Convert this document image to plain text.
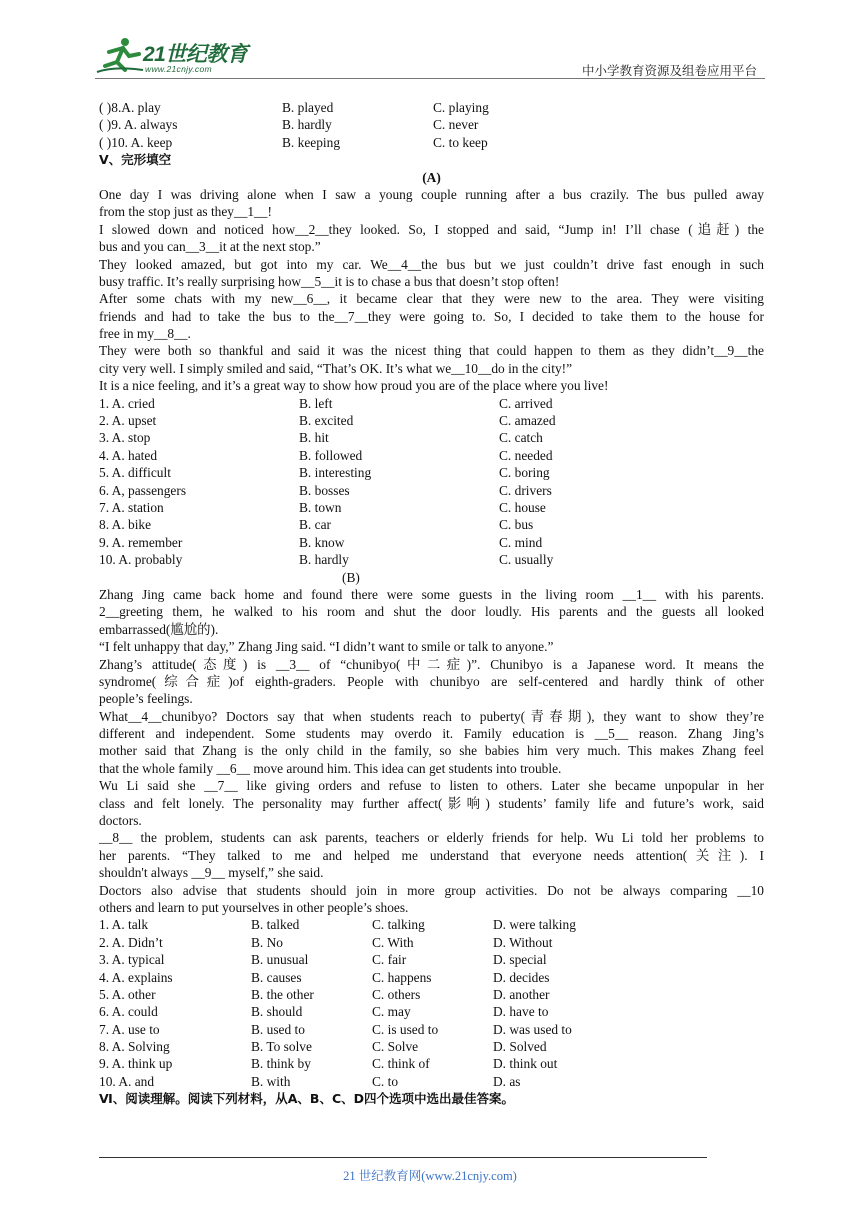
21世纪教育
www.21cnjy.com	中小学教育资源及组卷应用平台
( )8.A. play	B. played	C. playing
( )9. A. always	B. hardly	C. never
( )10. A. keep	B. keeping	C. to keep
Ⅴ、完形填空
(A)
One day I was driving alone when I saw a young couple running after a bus crazily. The bus pulled away
from the stop just as they__1__!
I slowed down and noticed how__2__they looked. So, I stopped and said, “Jump in! I’ll chase (追赶) the
bus and you can__3__it at the next stop.”
They looked amazed, but got into my car. We__4__the bus but we just couldn’t drive fast enough in such
busy traffic. It’s really surprising how__5__it is to chase a bus that doesn’t stop often!
After some chats with my new__6__, it became clear that they were new to the area. They were visiting
friends and had to take the bus to the__7__they were going to. So, I decided to take them to the house for
free in my__8__.
They were both so thankful and said it was the nicest thing that could happen to them as they didn’t__9__the
city very well. I simply smiled and said, “That’s OK. It’s what we__10__do in the city!”
It is a nice feeling, and it’s a great way to show how proud you are of the place where you live!
1. A. cried	B. left	C. arrived
2. A. upset	B. excited	C. amazed
3. A. stop	B. hit	C. catch
4. A. hated	B. followed	C. needed
5. A. difficult	B. interesting	C. boring
6. A, passengers	B. bosses	C. drivers
7. A. station	B. town	C. house
8. A. bike	B. car	C. bus
9. A. remember	B. know	C. mind
10. A. probably	B. hardly	C. usually
(B)
Zhang Jing came back home and found there were some guests in the living room __1__ with his parents.
2__greeting them, he walked to his room and shut the door loudly. His parents and the guests all looked
embarrassed(尴尬的).
“I felt unhappy that day,” Zhang Jing said. “I didn’t want to smile or talk to anyone.”
Zhang’s attitude(态度) is __3__ of “chunibyo(中二症)”. Chunibyo is a Japanese word. It means the
syndrome(综合症)of eighth-graders. People with chunibyo are self-centered and hardly think of other
people’s feelings.
What__4__chunibyo? Doctors say that when students reach to puberty(青春期), they want to show they’re
different and independent. Some students may overdo it. Family education is __5__ reason. Zhang Jing’s
mother said that Zhang is the only child in the family, so she babies him very much. This makes Zhang feel
that the whole family __6__ move around him. This idea can get students into trouble.
Wu Li said she __7__ like giving orders and refuse to listen to others. Later she became unpopular in her
class and felt lonely. The personality may further affect(影响) students’ family life and future’s work, said
doctors.
__8__ the problem, students can ask parents, teachers or elderly friends for help. Wu Li told her problems to
her parents. “They talked to me and helped me understand that everyone needs attention(关注). I
shouldn't always __9__ myself,” she said.
Doctors also advise that students should join in more group activities. Do not be always comparing __10
others and learn to put yourselves in other people’s shoes.
1. A. talk	B. talked	C. talking	D. were talking
2. A. Didn’t	B. No	C. With	D. Without
3. A. typical	B. unusual	C. fair	D. special
4. A. explains	B. causes	C. happens	D. decides
5. A. other	B. the other	C. others	D. another
6. A. could	B. should	C. may	D. have to
7. A. use to	B. used to	C. is used to	D. was used to
8. A. Solving	B. To solve	C. Solve	D. Solved
9. A. think up	B. think by	C. think of	D. think out
10. A. and	B. with	C. to	D. as
Ⅵ、阅读理解。阅读下列材料，从A、B、C、D四个选项中选出最佳答案。
21 世纪教育网(www.21cnjy.com)
